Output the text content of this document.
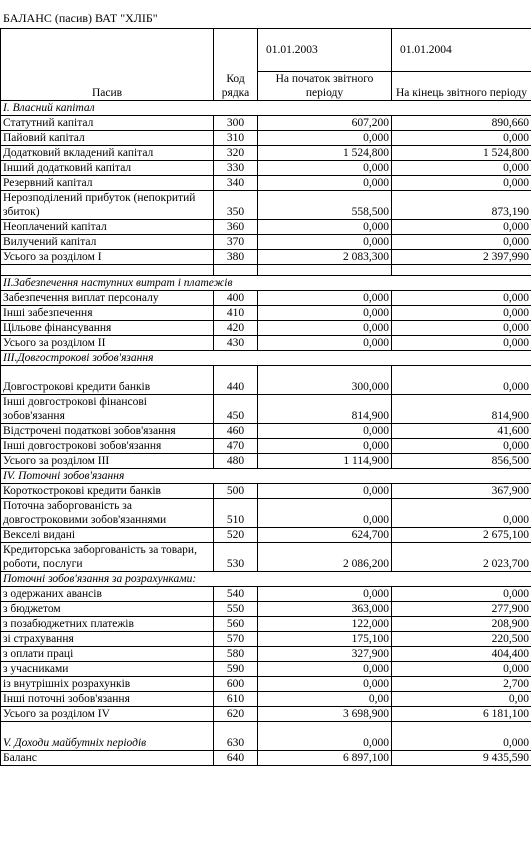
БАЛАНС (пасив) ВАТ "ХЛІБ"
Пасив	Код рядка	01.01.2003	01.01.2004
		На початок звітного періоду	На кінець звітного періоду
I. Власний капітал			
Статутний капітал	300	607,200	890,660
Пайовий капітал	310	0,000	0,000
Додатковий вкладений капітал	320	1 524,800	1 524,800
Інший додатковий капітал	330	0,000	0,000
Резервний капітал	340	0,000	0,000
Нерозподілений прибуток (непокритий збиток)	350	558,500	873,190
Неоплачений капітал	360	0,000	0,000
Вилучений капітал	370	0,000	0,000
Усього за розділом I	380	2 083,300	2 397,990

II.Забезпечення наступних витрат і платежів			
Забезпечення виплат персоналу	400	0,000	0,000
Інші забезпечення	410	0,000	0,000
Цільове фінансування	420	0,000	0,000
Усього за розділом II	430	0,000	0,000
III.Довгострокові зобов'язання			
Довгострокові кредити банків	440	300,000	0,000
Інші довгострокові фінансові зобов'язання	450	814,900	814,900
Відстрочені податкові зобов'язання	460	0,000	41,600
Інші довгострокові зобов'язання	470	0,000	0,000
Усього за розділом III	480	1 114,900	856,500
IV. Поточні зобов'язання			
Короткострокові кредити банків	500	0,000	367,900
Поточна заборгованість за довгостроковими зобов'язаннями	510	0,000	0,000
Векселі видані	520	624,700	2 675,100
Кредиторська заборгованість за товари, роботи, послуги	530	2 086,200	2 023,700
Поточні зобов'язання за розрахунками:			
з одержаних авансів	540	0,000	0,000
з бюджетом	550	363,000	277,900
з позабюджетних платежів	560	122,000	208,900
зі страхування	570	175,100	220,500
з оплати праці	580	327,900	404,400
з учасниками	590	0,000	0,000
із внутрішніх розрахунків	600	0,000	2,700
Інші поточні зобов'язання	610	0,00	0,00
Усього за розділом IV	620	3 698,900	6 181,100
V. Доходи майбутніх періодів	630	0,000	0,000
Баланс	640	6 897,100	9 435,590
